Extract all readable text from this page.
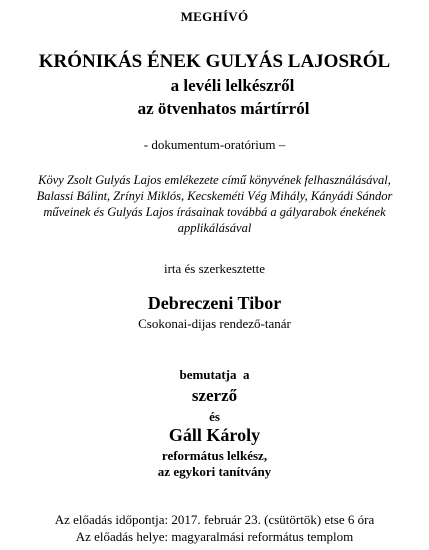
MEGHÍVÓ
KRÓNIKÁS ÉNEK GULYÁS LAJOSRÓL
a levéli lelkészről
az ötvenhatos mártírról
- dokumentum-oratórium –
Kövy Zsolt Gulyás Lajos emlékezete című könyvének felhasználásával,
Balassi Bálint, Zrínyi Miklós, Kecskeméti Vég Mihály, Kányádi Sándor
műveinek és Gulyás Lajos írásainak továbbá a gályarabok énekének
applikálásával
irta és szerkesztette
Debreczeni Tibor
Csokonai-dijas rendező-tanár
bemutatja  a
szerző
és
Gáll Károly
református lelkész,
az egykori tanítvány
Az előadás időpontja: 2017. február 23. (csütörtök) etse 6 óra
Az előadás helye: magyaralmási református templom
